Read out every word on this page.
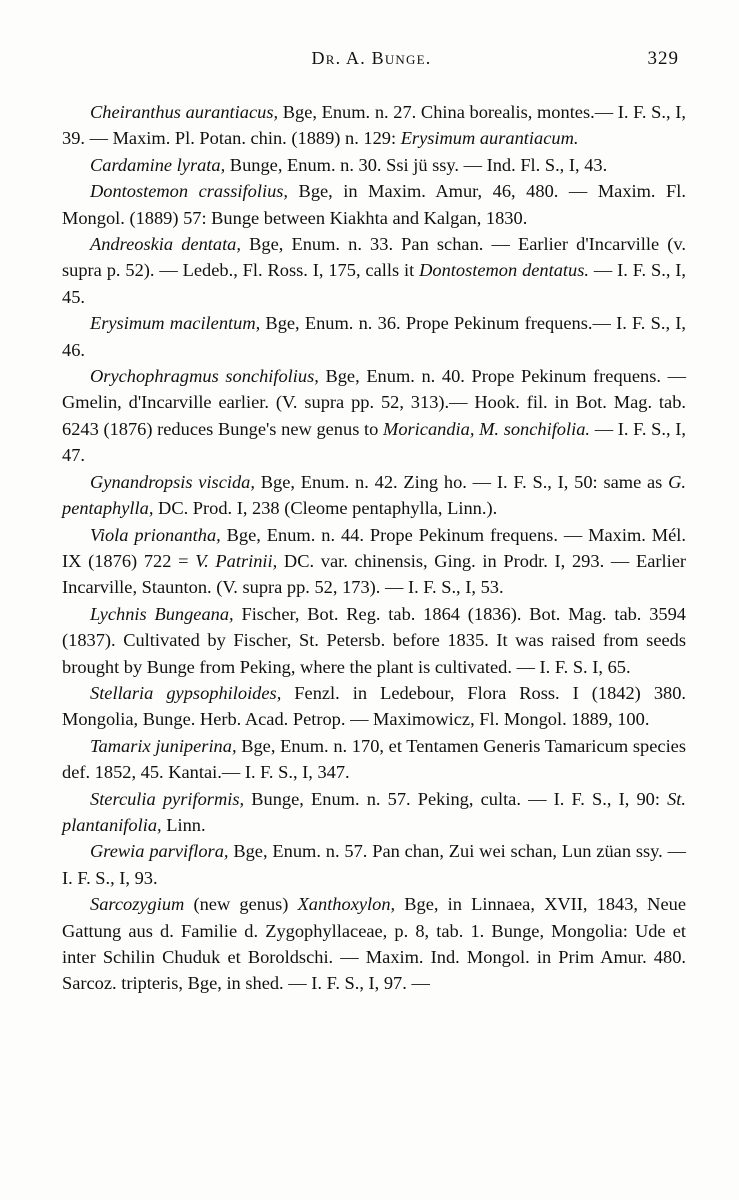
Dr. A. Bunge.	329

Cheiranthus aurantiacus, Bge, Enum. n. 27. China borealis, montes.— I. F. S., I, 39. — Maxim. Pl. Potan. chin. (1889) n. 129: Erysimum aurantiacum.

Cardamine lyrata, Bunge, Enum. n. 30. Ssi jü ssy. — Ind. Fl. S., I, 43.

Dontostemon crassifolius, Bge, in Maxim. Amur, 46, 480. — Maxim. Fl. Mongol. (1889) 57: Bunge between Kiakhta and Kalgan, 1830.

Andreoskia dentata, Bge, Enum. n. 33. Pan schan. — Earlier d'Incarville (v. supra p. 52). — Ledeb., Fl. Ross. I, 175, calls it Dontostemon dentatus. — I. F. S., I, 45.

Erysimum macilentum, Bge, Enum. n. 36. Prope Pekinum frequens.— I. F. S., I, 46.

Orychophragmus sonchifolius, Bge, Enum. n. 40. Prope Pekinum frequens. — Gmelin, d'Incarville earlier. (V. supra pp. 52, 313).— Hook. fil. in Bot. Mag. tab. 6243 (1876) reduces Bunge's new genus to Moricandia, M. sonchifolia. — I. F. S., I, 47.

Gynandropsis viscida, Bge, Enum. n. 42. Zing ho. — I. F. S., I, 50: same as G. pentaphylla, DC. Prod. I, 238 (Cleome pentaphylla, Linn.).

Viola prionantha, Bge, Enum. n. 44. Prope Pekinum frequens. — Maxim. Mél. IX (1876) 722 = V. Patrinii, DC. var. chinensis, Ging. in Prodr. I, 293. — Earlier Incarville, Staunton. (V. supra pp. 52, 173). — I. F. S., I, 53.

Lychnis Bungeana, Fischer, Bot. Reg. tab. 1864 (1836). Bot. Mag. tab. 3594 (1837). Cultivated by Fischer, St. Petersb. before 1835. It was raised from seeds brought by Bunge from Peking, where the plant is cultivated. — I. F. S. I, 65.

Stellaria gypsophiloides, Fenzl. in Ledebour, Flora Ross. I (1842) 380. Mongolia, Bunge. Herb. Acad. Petrop. — Maximowicz, Fl. Mongol. 1889, 100.

Tamarix juniperina, Bge, Enum. n. 170, et Tentamen Generis Tamaricum species def. 1852, 45. Kantai.— I. F. S., I, 347.

Sterculia pyriformis, Bunge, Enum. n. 57. Peking, culta. — I. F. S., I, 90: St. plantanifolia, Linn.

Grewia parviflora, Bge, Enum. n. 57. Pan chan, Zui wei schan, Lun züan ssy. — I. F. S., I, 93.

Sarcozygium (new genus) Xanthoxylon, Bge, in Linnaea, XVII, 1843, Neue Gattung aus d. Familie d. Zygophyllaceae, p. 8, tab. 1. Bunge, Mongolia: Ude et inter Schilin Chuduk et Boroldschi. — Maxim. Ind. Mongol. in Prim Amur. 480. Sarcoz. tripteris, Bge, in shed. — I. F. S., I, 97. —
